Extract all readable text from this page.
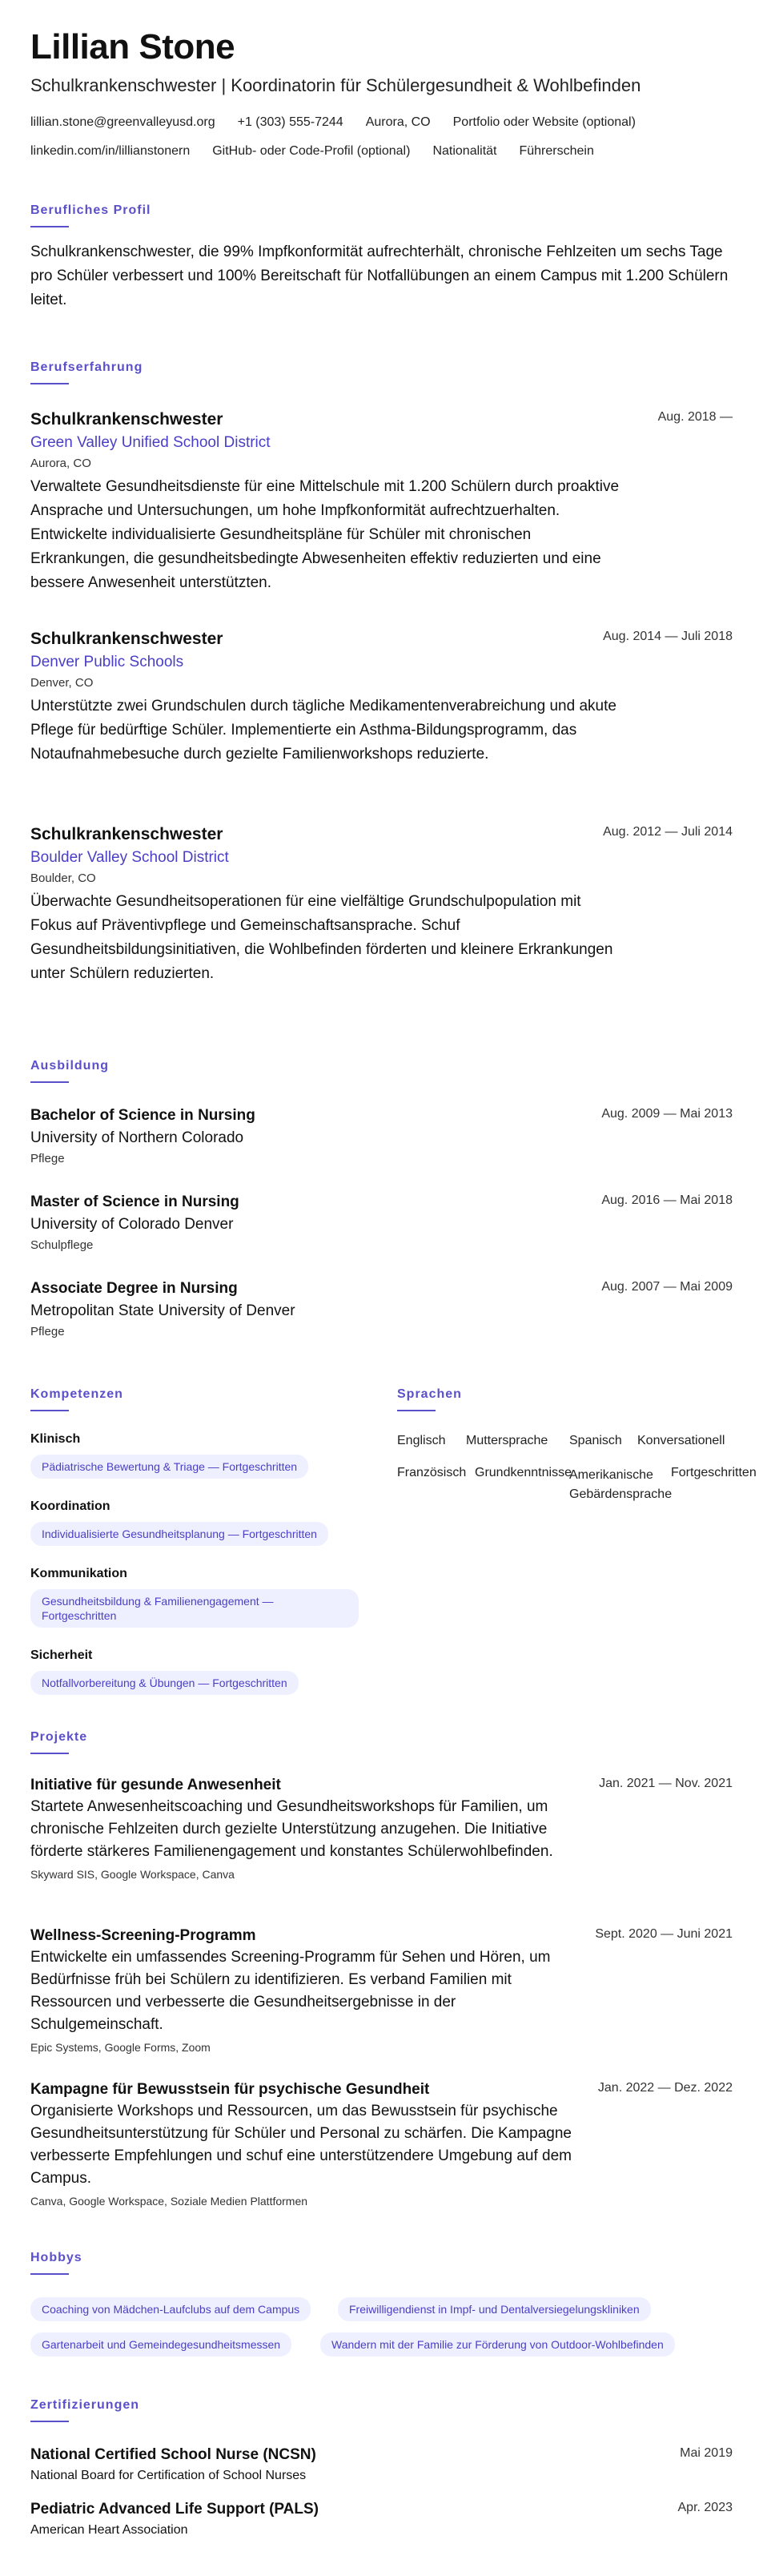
Lillian Stone
Schulkrankenschwester | Koordinatorin für Schülergesundheit & Wohlbefinden
lillian.stone@greenvalleyusd.org +1 (303) 555-7244 Aurora, CO Portfolio oder Website (optional)
linkedin.com/in/lillianstonern GitHub- oder Code-Profil (optional) Nationalität Führerschein
Berufliches Profil
Schulkrankenschwester, die 99% Impfkonformität aufrechterhält, chronische Fehlzeiten um sechs Tage pro Schüler verbessert und 100% Bereitschaft für Notfallübungen an einem Campus mit 1.200 Schülern leitet.
Berufserfahrung
Schulkrankenschwester
Green Valley Unified School District
Aurora, CO
Verwaltete Gesundheitsdienste für eine Mittelschule mit 1.200 Schülern durch proaktive Ansprache und Untersuchungen, um hohe Impfkonformität aufrechtzuerhalten. Entwickelte individualisierte Gesundheitspläne für Schüler mit chronischen Erkrankungen, die gesundheitsbedingte Abwesenheiten effektiv reduzierten und eine bessere Anwesenheit unterstützten.
Aug. 2018 —
Schulkrankenschwester
Denver Public Schools
Denver, CO
Unterstützte zwei Grundschulen durch tägliche Medikamentenverabreichung und akute Pflege für bedürftige Schüler. Implementierte ein Asthma-Bildungsprogramm, das Notaufnahmebesuche durch gezielte Familienworkshops reduzierte.
Aug. 2014 — Juli 2018
Schulkrankenschwester
Boulder Valley School District
Boulder, CO
Überwachte Gesundheitsoperationen für eine vielfältige Grundschulpopulation mit Fokus auf Präventivpflege und Gemeinschaftsansprache. Schuf Gesundheitsbildungsinitiativen, die Wohlbefinden förderten und kleinere Erkrankungen unter Schülern reduzierten.
Aug. 2012 — Juli 2014
Ausbildung
Bachelor of Science in Nursing
University of Northern Colorado
Pflege
Aug. 2009 — Mai 2013
Master of Science in Nursing
University of Colorado Denver
Schulpflege
Aug. 2016 — Mai 2018
Associate Degree in Nursing
Metropolitan State University of Denver
Pflege
Aug. 2007 — Mai 2009
Kompetenzen
Klinisch
Pädiatrische Bewertung & Triage — Fortgeschritten
Koordination
Individualisierte Gesundheitsplanung — Fortgeschritten
Kommunikation
Gesundheitsbildung & Familienengagement —
Fortgeschritten
Sicherheit
Notfallvorbereitung & Übungen — Fortgeschritten
Sprachen
Englisch Muttersprache Spanisch Konversationell
Französisch Grundkenntnisse
Amerikanische
Gebärdensprache
Fortgeschritten
Projekte
Initiative für gesunde Anwesenheit
Startete Anwesenheitscoaching und Gesundheitsworkshops für Familien, um chronische Fehlzeiten durch gezielte Unterstützung anzugehen. Die Initiative förderte stärkeres Familienengagement und konstantes Schülerwohlbefinden.
Skyward SIS, Google Workspace, Canva
Jan. 2021 — Nov. 2021
Wellness-Screening-Programm
Entwickelte ein umfassendes Screening-Programm für Sehen und Hören, um Bedürfnisse früh bei Schülern zu identifizieren. Es verband Familien mit Ressourcen und verbesserte die Gesundheitsergebnisse in der Schulgemeinschaft.
Epic Systems, Google Forms, Zoom
Sept. 2020 — Juni 2021
Kampagne für Bewusstsein für psychische Gesundheit
Organisierte Workshops und Ressourcen, um das Bewusstsein für psychische Gesundheitsunterstützung für Schüler und Personal zu schärfen. Die Kampagne verbesserte Empfehlungen und schuf eine unterstützendere Umgebung auf dem Campus.
Canva, Google Workspace, Soziale Medien Plattformen
Jan. 2022 — Dez. 2022
Hobbys
Coaching von Mädchen-Laufclubs auf dem Campus	Freiwilligendienst in Impf- und Dentalversiegelungskliniken
Gartenarbeit und Gemeindegesundheitsmessen	Wandern mit der Familie zur Förderung von Outdoor-Wohlbefinden
Zertifizierungen
National Certified School Nurse (NCSN)
National Board for Certification of School Nurses
Mai 2019
Pediatric Advanced Life Support (PALS)
American Heart Association
Apr. 2023
